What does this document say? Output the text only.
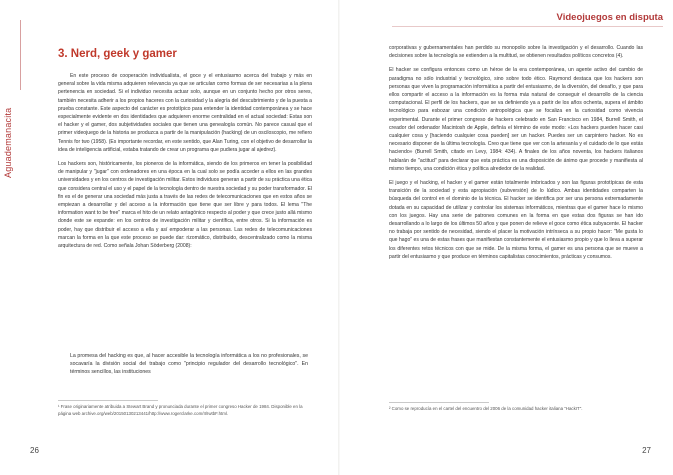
Aguademanacita
3. Nerd, geek y gamer

En este proceso de cooperación individualista, el goce y el entusiasmo acerca del trabajo y más en general sobre la vida misma adquieren relevancia ya que se articulan como formas de ser necesarias a la plena pertenencia en sociedad. Si el individuo necesita actuar solo, aunque en un conjunto hecho por otros seres, también necesita adherir a los propios haceres con la curiosidad y la alegría del descubrimiento y de la puesta a prueba constante. Este aspecto del carácter es prototípico para entender la identidad contemporánea y se hace especialmente evidente en dos identidades que adquieren enorme centralidad en el actual sociedad: Estas son el hacker y el gamer, dos subjetividades sociales que tienen una genealogía común. No parece casual que el primer videojuego de la historia se produzca a partir de la manipulación (hacking) de un osciloscopio, me refiero Tennis for two (1958). (Es importante recordar, en este sentido, que Alan Turing, con el objetivo de desarrollar la idea de inteligencia artificial, estaba tratando de crear un programa que pudiera jugar al ajedrez).

Los hackers son, históricamente, los pioneros de la informática, siendo de los primeros en tener la posibilidad de manipular y "jugar" con ordenadores en una época en la cual solo se podía acceder a ellos en las grandes universidades y en los centros de investigación militar. Estos individuos generan a partir de su práctica una ética que considera central el uso y el papel de la tecnología dentro de nuestra sociedad y su poder transformador. El fin es el de generar una sociedad más justa a través de las redes de telecomunicaciones que en estos años se empiezan a desarrollar y del acceso a la información que tiene que ser libre y para todos. El lema "The information want to be free" marca el hito de un relato antagónico respecto al poder y que crece justo allá mismo donde este se expande: en los centros de investigación militar y científica, entre otros. Si la información es poder, hay que distribuir el acceso a ella y así empoderar a las personas. Las redes de telecomunicaciones marcan la forma en la que este proceso se puede dar: rizomático, distribuido, descentralizado como la misma arquitectura de red. Como señala Johan Söderberg (2008):

La promesa del hacking es que, al hacer accesible la tecnología informática a los no profesionales, se socavaría la división social del trabajo como "principio regulador del desarrollo tecnológico". En términos sencillos, las instituciones
¹ Frase originariamente atribuida a Stewart Brand y pronunciada durante el primer congreso Hacker de 1984. Disponible en la página web archive.org/web/20150130213441/http://www.rogerclarke.com/II/IwtbF.html.
26
Videojuegos en disputa

corporativas y gubernamentales han perdido su monopolio sobre la investigación y el desarrollo. Cuando las decisiones sobre la tecnología se extienden a la multitud, se obtienen resultados políticos concretos (4).

El hacker se configura entonces como un héroe de la era contemporánea, un agente activo del cambio de paradigma no sólo industrial y tecnológico, sino sobre todo ético. Raymond destaca que los hackers son personas que viven la programación informática a partir del entusiasmo, de la diversión, del desafío, y que para ellos compartir el acceso a la información es la forma más natural de conseguir el desarrollo de la ciencia computacional. El perfil de los hackers, que se va definiendo ya a partir de los años ochenta, supera el ámbito tecnológico para esbozar una condición antropológica que se focaliza en la curiosidad como vivencia experimental. Durante el primer congreso de hackers celebrado en San Francisco en 1984, Burrell Smith, el creador del ordenador Macintosh de Apple, definía el término de este modo: «Los hackers pueden hacer casi cualquier cosa y [haciendo cualquier cosa pueden] ser un hacker. Puedes ser un carpintero hacker. No es necesario disponer de la última tecnología. Creo que tiene que ver con la artesanía y el cuidado de lo que estás haciendo» (Burrell Smith, citado en Levy, 1984: 434). A finales de los años noventa, los hackers italianos hablarán de "actitud" para declarar que esta práctica es una disposición de ánimo que procede y manifiesta al mismo tiempo, una condición ética y política alrededor de la realidad.

El juego y el hacking, el hacker y el gamer están totalmente imbricados y son las figuras prototípicas de esta transición de la sociedad y esta apropiación (subversión) de lo lúdico. Ambas identidades comparten la búsqueda del control en el dominio de la técnica. El hacker se identifica por ser una persona extremadamente dotada en su capacidad de utilizar y controlar los sistemas informáticos, mientras que el gamer hace lo mismo con los juegos. Hay una serie de patrones comunes en la forma en que estas dos figuras se han ido desarrollando a lo largo de los últimos 50 años y que ponen de relieve el goce como ética subyacente. El hacker no trabaja por sentido de necesidad, siendo el placer la motivación intrínseca a su propio hacer: "Me gusta lo que hago" es una de estas frases que manifiestan constantemente el entusiasmo propio y que lo lleva a superar los diferentes retos técnicos con que se mide. De la misma forma, el gamer es una persona que se mueve a partir del entusiasmo y que produce en términos capitalistas conocimientos, prácticas y consumos.

² Como se reproducía en el cartel del encuentro del 2006 de la comunidad hacker italiana "HackIT".
27
